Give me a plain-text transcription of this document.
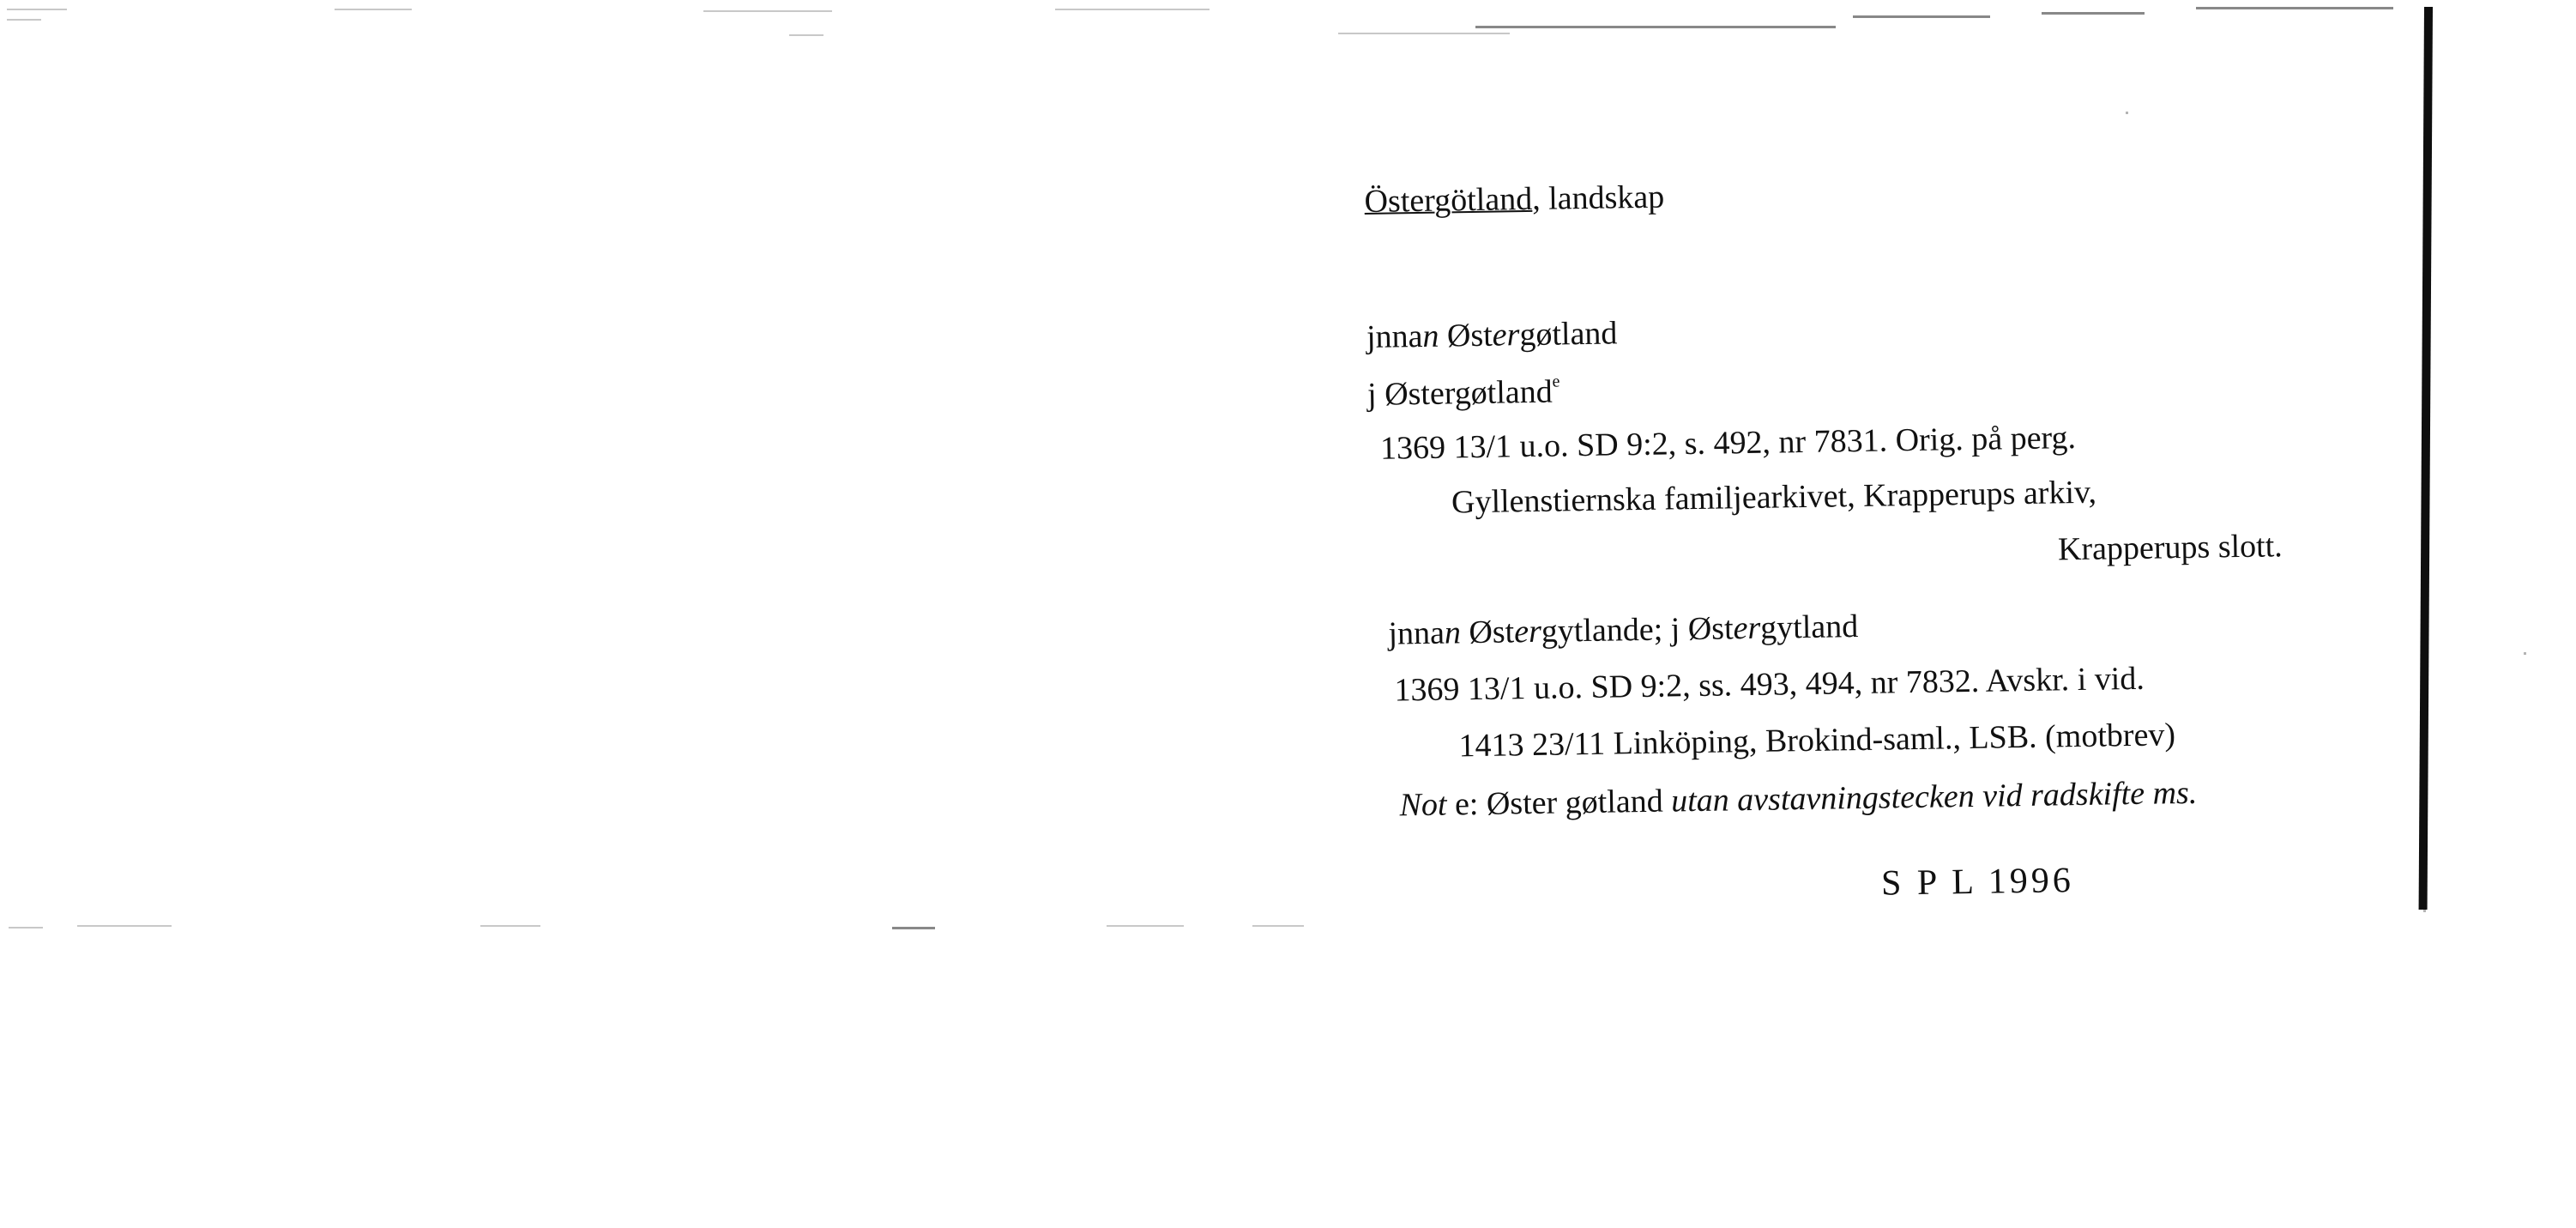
Östergötland, landskap
jnnan Østergøtland
j Østergøtland$^e$
1369 13/1 u.o. SD 9:2, s. 492, nr 7831. Orig. på perg.
Gyllenstiernska familjearkivet, Krapperups arkiv,
Krapperups slott.
jnnan Østergytlande; j Østergytland
1369 13/1 u.o. SD 9:2, ss. 493, 494, nr 7832. Avskr. i vid.
1413 23/11 Linköping, Brokind-saml., LSB. (motbrev)
Not e: Øster gøtland utan avstavningstecken vid radskifte ms.
S P L 1996
